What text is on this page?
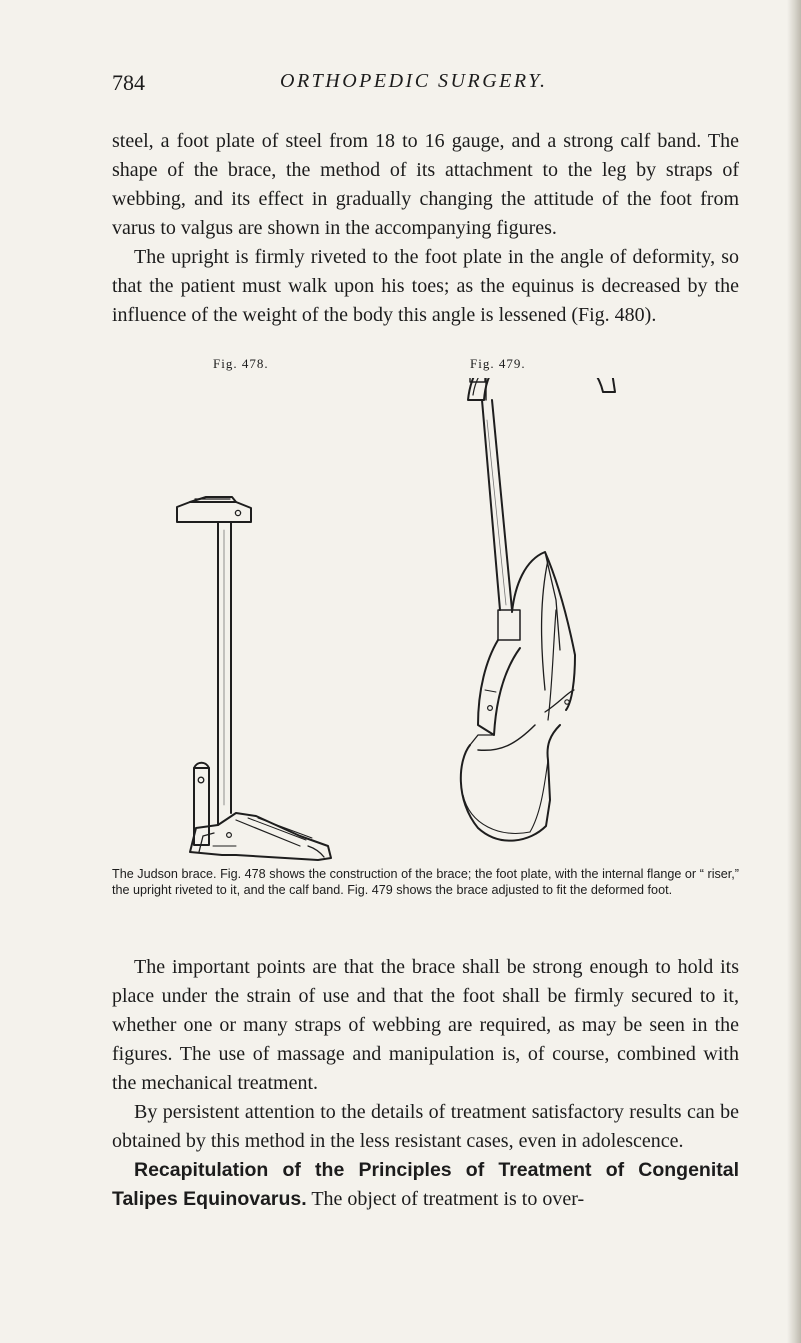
784	ORTHOPEDIC SURGERY.

steel, a foot plate of steel from 18 to 16 gauge, and a strong calf band. The shape of the brace, the method of its attachment to the leg by straps of webbing, and its effect in gradually changing the attitude of the foot from varus to valgus are shown in the accompanying figures.

The upright is firmly riveted to the foot plate in the angle of deformity, so that the patient must walk upon his toes; as the equinus is decreased by the influence of the weight of the body this angle is lessened (Fig. 480).

Fig. 478.	Fig. 479.
The Judson brace. Fig. 478 shows the construction of the brace; the foot plate, with the internal flange or “ riser,” the upright riveted to it, and the calf band. Fig. 479 shows the brace adjusted to fit the deformed foot.

The important points are that the brace shall be strong enough to hold its place under the strain of use and that the foot shall be firmly secured to it, whether one or many straps of webbing are required, as may be seen in the figures. The use of massage and manipulation is, of course, combined with the mechanical treatment.

By persistent attention to the details of treatment satisfactory results can be obtained by this method in the less resistant cases, even in adolescence.

Recapitulation of the Principles of Treatment of Congenital Talipes Equinovarus. The object of treatment is to over-
